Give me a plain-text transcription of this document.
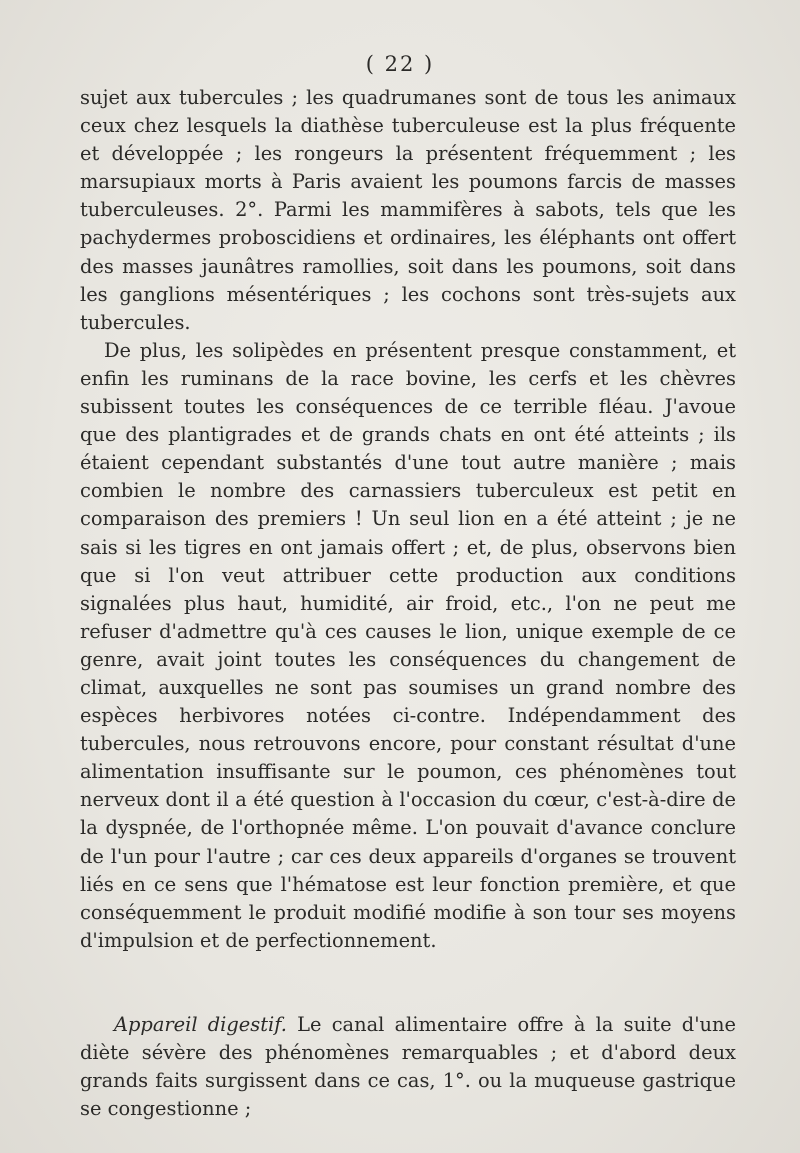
( 22 )

sujet aux tubercules ; les quadrumanes sont de tous les animaux ceux chez lesquels la diathèse tuberculeuse est la plus fréquente et développée ; les rongeurs la présentent fréquemment ; les marsupiaux morts à Paris avaient les poumons farcis de masses tuberculeuses. 2°. Parmi les mammifères à sabots, tels que les pachydermes proboscidiens et ordinaires, les éléphants ont offert des masses jaunâtres ramollies, soit dans les poumons, soit dans les ganglions mésentériques ; les cochons sont très-sujets aux tubercules.

De plus, les solipèdes en présentent presque constamment, et enfin les ruminans de la race bovine, les cerfs et les chèvres subissent toutes les conséquences de ce terrible fléau. J'avoue que des plantigrades et de grands chats en ont été atteints ; ils étaient cependant substantés d'une tout autre manière ; mais combien le nombre des carnassiers tuberculeux est petit en comparaison des premiers ! Un seul lion en a été atteint ; je ne sais si les tigres en ont jamais offert ; et, de plus, observons bien que si l'on veut attribuer cette production aux conditions signalées plus haut, humidité, air froid, etc., l'on ne peut me refuser d'admettre qu'à ces causes le lion, unique exemple de ce genre, avait joint toutes les conséquences du changement de climat, auxquelles ne sont pas soumises un grand nombre des espèces herbivores notées ci-contre. Indépendamment des tubercules, nous retrouvons encore, pour constant résultat d'une alimentation insuffisante sur le poumon, ces phénomènes tout nerveux dont il a été question à l'occasion du cœur, c'est-à-dire de la dyspnée, de l'orthopnée même. L'on pouvait d'avance conclure de l'un pour l'autre ; car ces deux appareils d'organes se trouvent liés en ce sens que l'hématose est leur fonction première, et que conséquemment le produit modifié modifie à son tour ses moyens d'impulsion et de perfectionnement.

Appareil digestif. Le canal alimentaire offre à la suite d'une diète sévère des phénomènes remarquables ; et d'abord deux grands faits surgissent dans ce cas, 1°. ou la muqueuse gastrique se congestionne ;
